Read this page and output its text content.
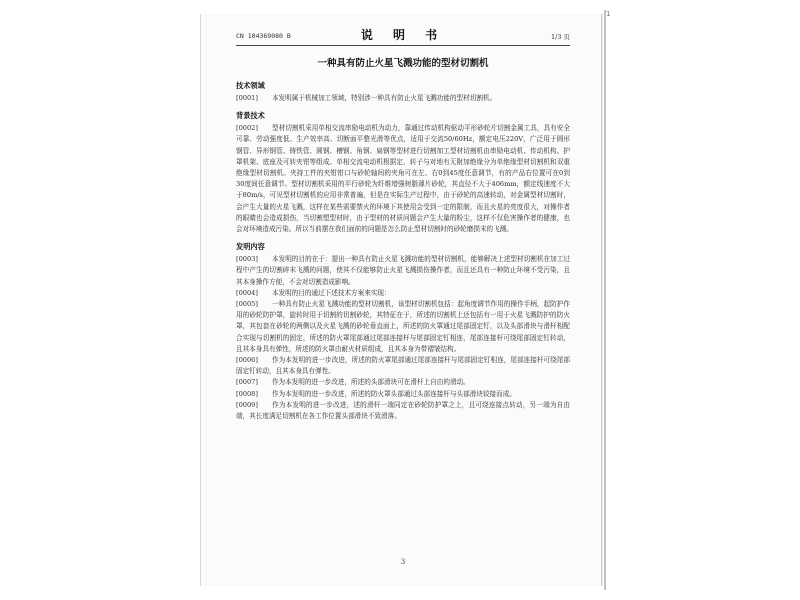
1
CN 104369080 B	说 明 书	1/3 页
一种具有防止火星飞溅功能的型材切割机
技术领域

[0001] 本发明属于机械加工领域，特别涉一种具有防止火星飞溅功能的型材切割机。

背景技术

[0002] 型材切割机采用单相交流串励电动机为动力，靠通过传动机构驱动平形砂轮片切割金属工具，具有安全可靠、劳动强度低、生产效率高、切断面平整光滑等优点，适用于交流50/60Hz，额定电压220V，广泛用于圆形钢管、异形钢管、铸铁管、圆钢、槽钢、角钢、扁钢等型材进行切割加工型材切割机由串励电动机、传动机构、护罩机架、底座及可转夹钳等组成。单相交流电动机根据定、转子与对地有无附加绝缘分为单绝缘型材切割机和双重绝缘型材切割机。夹持工件的夹钳钳口与砂轮轴间的夹角可在左、右0到45度任意调节，有的产品右位置可在0到30度间任意调节。型材切割机采用的平行砂轮为纤维增强树脂薄片砂轮，其直径不大于406mm，额定线速度不大于80m/s，可见型材切割机的应用非常普遍，但是在实际生产过程中，由于砂轮的高速转动，对金属型材切割时，会产生大量的火星飞溅，这样在某些需要禁火的环境下其使用会受到一定的限制，而且火星的亮度很大，对操作者的眼睛也会造成损伤，当切割塑型材时，由于型材的材质问题会产生大量的粉尘，这样不仅危害操作者的健康，也会对环境造成污染。所以当前摆在我们面前的问题是怎么防止型材切割时的砂轮磨损末的飞溅。

发明内容

[0003] 本发明的目的在于：提出一种具有防止火星飞溅功能的型材切割机，能够解决上述型材切割机在加工过程中产生的切割碎末飞溅的问题，使其不仅能够防止火星飞溅损伤操作者，而且还具有一种防止环境不受污染，且其本身操作方便，不会对切割造成影响。

[0004] 本发明的目的通过下述技术方案来实现：

[0005] 一种具有防止火星飞溅功能的型材切割机，该型材切割机包括：起角度调节作用的操作手柄，起防护作用的砂轮防护罩，旋转时用于切割的切割砂轮，其特征在于，所述的切割机上还包括有一用于火星飞溅防护的防火罩，其包套在砂轮的两侧以及火星飞溅的砂轮垂直面上，所述的防火罩通过尾部固定钉，以及头部滑块与滑杆相配合实现与切割机的固定，所述的防火罩尾部通过尾部连接杆与尾部固定钉相连，尾部连接杆可绕尾部固定钉转动，且其本身具有弹性，所述的防火罩由耐火材质组成，且其本身为带褶皱结构。

[0006] 作为本发明的进一步改进，所述的防火罩尾部通过尾部连接杆与尾部固定钉相连，尾部连接杆可绕尾部固定钉转动，且其本身具有弹性。

[0007] 作为本发明的进一步改进，所述的头部滑块可在滑杆上自由的滑动。

[0008] 作为本发明的进一步改进，所述的防火罩头部通过头部连接杆与头部滑块铰接而成。

[0009] 作为本发明的进一步改进，述的滑杆一端同定在砂轮防护罩之上，且可绕连接点转动，另一端为自由端，其长度满足切割机在各工作位置头部滑块不致滑落。

3
